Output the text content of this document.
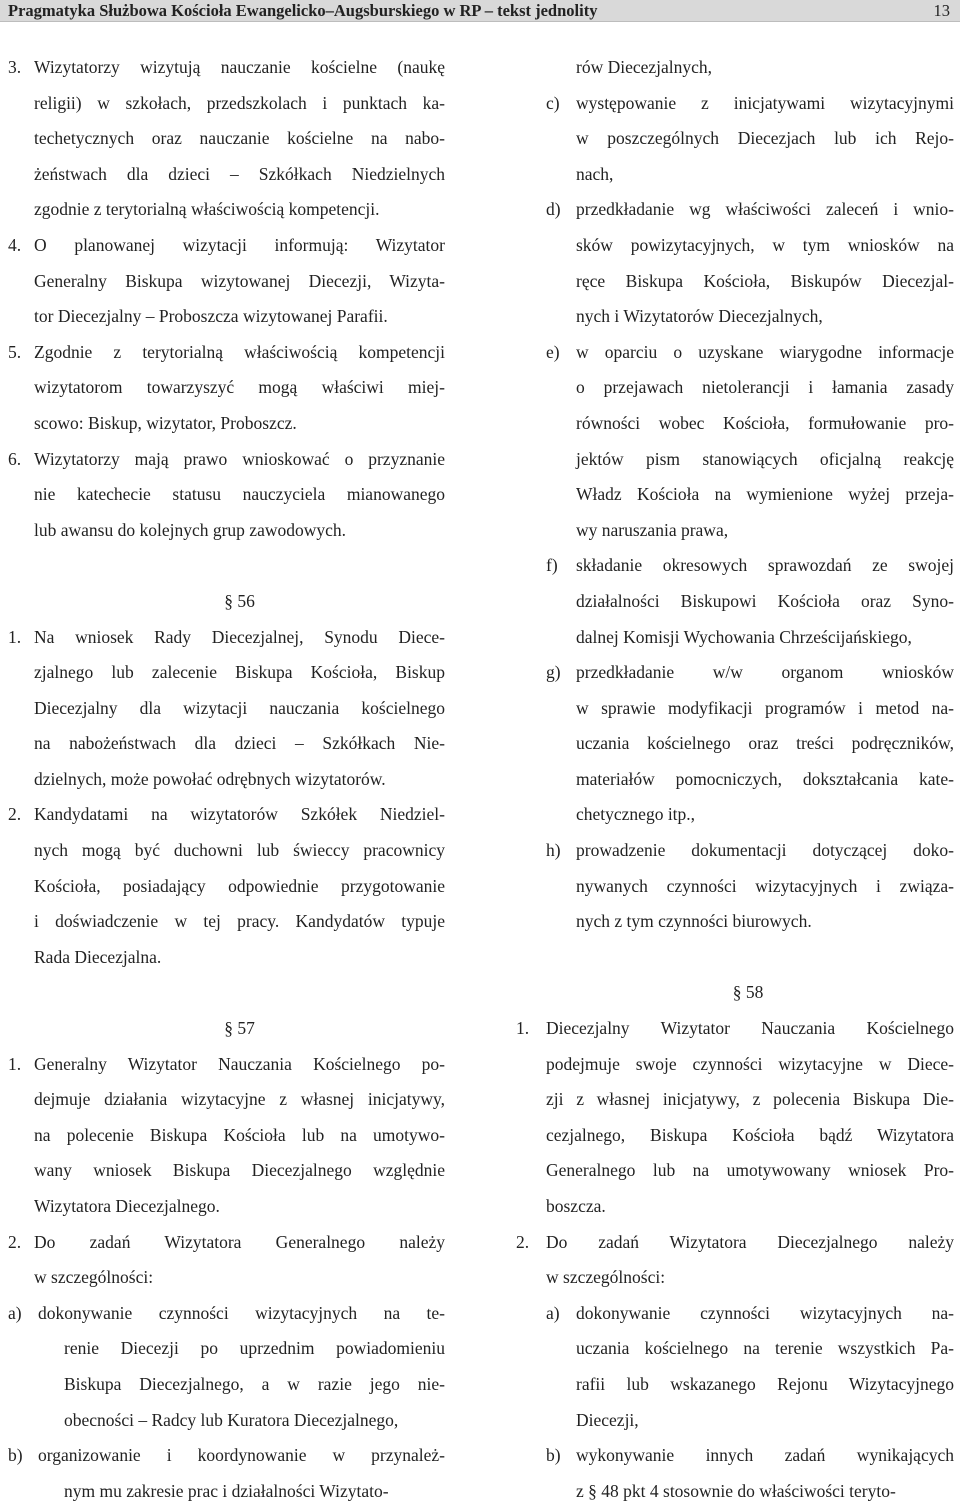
Pragmatyka Służbowa Kościoła Ewangelicko–Augsburskiego w RP – tekst jednolity	13
3. Wizytatorzy wizytują nauczanie kościelne (naukę
religii) w szkołach, przedszkolach i punktach ka-
techetycznych oraz nauczanie kościelne na nabo-
żeństwach dla dzieci – Szkółkach Niedzielnych
zgodnie z terytorialną właściwością kompetencji.
4. O planowanej wizytacji informują: Wizytator
Generalny Biskupa wizytowanej Diecezji, Wizyta-
tor Diecezjalny – Proboszcza wizytowanej Parafii.
5. Zgodnie z terytorialną właściwością kompetencji
wizytatorom towarzyszyć mogą właściwi miej-
scowo: Biskup, wizytator, Proboszcz.
6. Wizytatorzy mają prawo wnioskować o przyznanie
nie katechecie statusu nauczyciela mianowanego
lub awansu do kolejnych grup zawodowych.
§ 56
1. Na wniosek Rady Diecezjalnej, Synodu Diece-
zjalnego lub zalecenie Biskupa Kościoła, Biskup
Diecezjalny dla wizytacji nauczania kościelnego
na nabożeństwach dla dzieci – Szkółkach Nie-
dzielnych, może powołać odrębnych wizytatorów.
2. Kandydatami na wizytatorów Szkółek Niedziel-
nych mogą być duchowni lub świeccy pracownicy
Kościoła, posiadający odpowiednie przygotowanie
i doświadczenie w tej pracy. Kandydatów typuje
Rada Diecezjalna.
§ 57
1. Generalny Wizytator Nauczania Kościelnego po-
dejmuje działania wizytacyjne z własnej inicjatywy,
na polecenie Biskupa Kościoła lub na umotywo-
wany wniosek Biskupa Diecezjalnego względnie
Wizytatora Diecezjalnego.
2. Do zadań Wizytatora Generalnego należy
w szczególności:
a) dokonywanie czynności wizytacyjnych na te-
renie Diecezji po uprzednim powiadomieniu
Biskupa Diecezjalnego, a w razie jego nie-
obecności – Radcy lub Kuratora Diecezjalnego,
b) organizowanie i koordynowanie w przynależ-
nym mu zakresie prac i działalności Wizytato-
rów Diecezjalnych,
c) występowanie z inicjatywami wizytacyjnymi
w poszczególnych Diecezjach lub ich Rejo-
nach,
d) przedkładanie wg właściwości zaleceń i wnio-
sków powizytacyjnych, w tym wniosków na
ręce Biskupa Kościoła, Biskupów Diecezjal-
nych i Wizytatorów Diecezjalnych,
e) w oparciu o uzyskane wiarygodne informacje
o przejawach nietolerancji i łamania zasady
równości wobec Kościoła, formułowanie pro-
jektów pism stanowiących oficjalną reakcję
Władz Kościoła na wymienione wyżej przeja-
wy naruszania prawa,
f) składanie okresowych sprawozdań ze swojej
działalności Biskupowi Kościoła oraz Syno-
dalnej Komisji Wychowania Chrześcijańskiego,
g) przedkładanie w/w organom wniosków
w sprawie modyfikacji programów i metod na-
uczania kościelnego oraz treści podręczników,
materiałów pomocniczych, dokształcania kate-
chetycznego itp.,
h) prowadzenie dokumentacji dotyczącej doko-
nywanych czynności wizytacyjnych i związa-
nych z tym czynności biurowych.
§ 58
1. Diecezjalny Wizytator Nauczania Kościelnego
podejmuje swoje czynności wizytacyjne w Diece-
zji z własnej inicjatywy, z polecenia Biskupa Die-
cezjalnego, Biskupa Kościoła bądź Wizytatora
Generalnego lub na umotywowany wniosek Pro-
boszcza.
2. Do zadań Wizytatora Diecezjalnego należy
w szczególności:
a) dokonywanie czynności wizytacyjnych na-
uczania kościelnego na terenie wszystkich Pa-
rafii lub wskazanego Rejonu Wizytacyjnego
Diecezji,
b) wykonywanie innych zadań wynikających
z § 48 pkt 4 stosownie do właściwości teryto-
